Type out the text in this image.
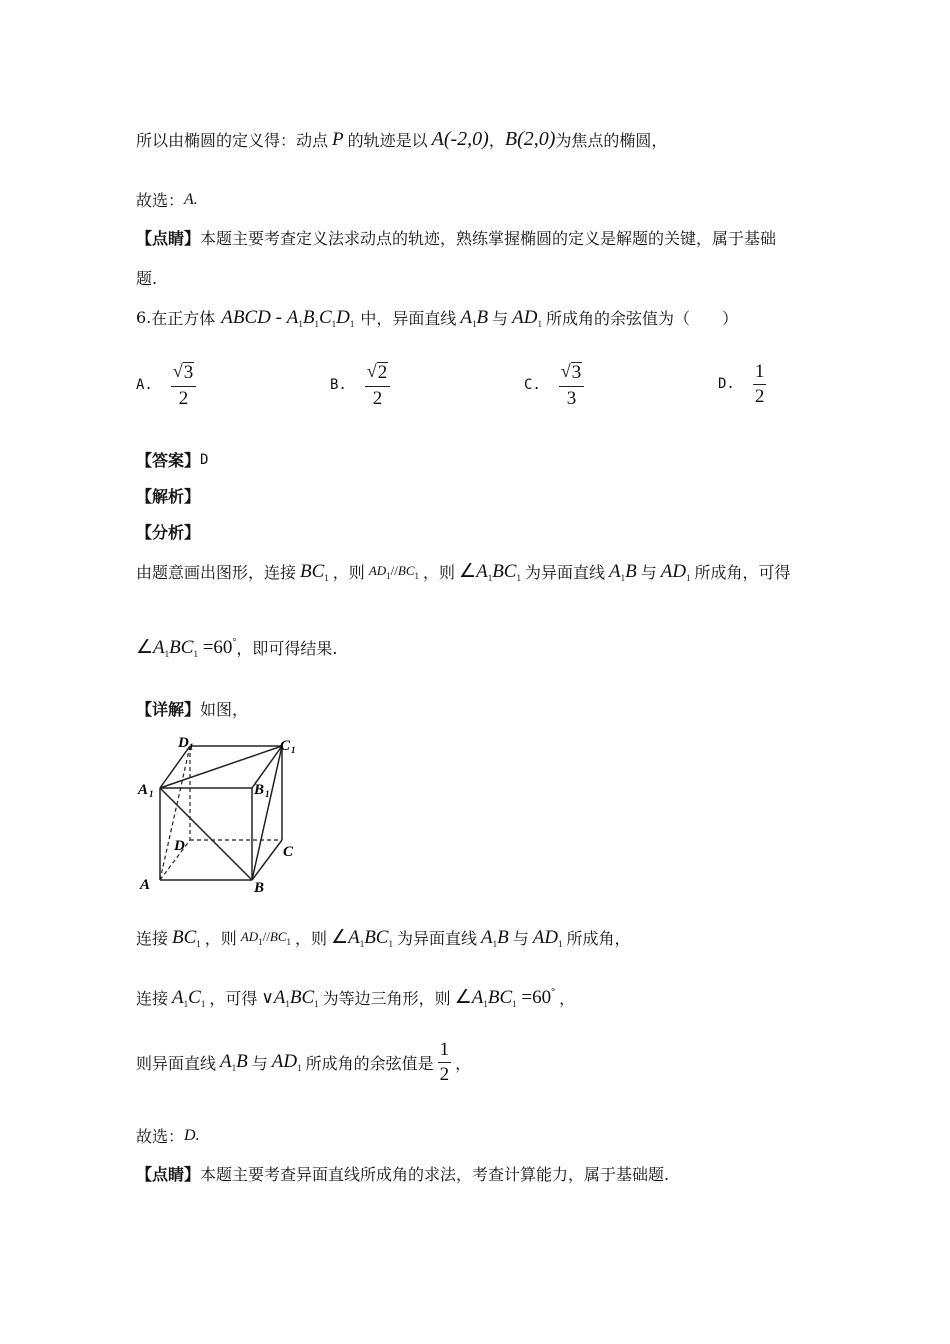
所以由椭圆的定义得：动点 P 的轨迹是以 A(-2,0) ， B(2,0) 为焦点的椭圆，
故选： A.
【点睛】 本题主要考查定义法求动点的轨迹，熟练掌握椭圆的定义是解题的关键，属于基础
题.
6. 在正方体 ABCD - $A_1B_1C_1D_1$ 中，异面直线 $A_1B$ 与 $AD_1$ 所成角的余弦值为（　　）
A. $\frac{√ 3}{2}$	B. $\frac{√ 2}{2}$	C. $\frac{√ 3}{3}$	D. $\frac{1}{2}$
【答案】 D
【解析】
【分析】
由题意画出图形，连接 $BC_1$ ，则 $AD_1//BC_1$ ，则 $\angle A_1BC_1$ 为异面直线 $A_1B$ 与 $AD_1$ 所成角，可得
$\angle A_1BC_1 =60^\circ$ ，即可得结果.
【详解】 如图，
D 1	C 1
A 1	B 1
D	C
A	B
连接 $BC_1$ ，则 $AD_1//BC_1$ ，则 $\angle A_1BC_1$ 为异面直线 $A_1B$ 与 $AD_1$ 所成角，
连接 $A_1C_1$ ，可得 $\vee A_1BC_1$ 为等边三角形，则 $\angle A_1BC_1 =60^\circ$ ，
则异面直线 $A_1B$ 与 $AD_1$ 所成角的余弦值是 $\frac{1}{2}$ ，
故选： D.
【点睛】 本题主要考查异面直线所成角的求法，考查计算能力，属于基础题.
